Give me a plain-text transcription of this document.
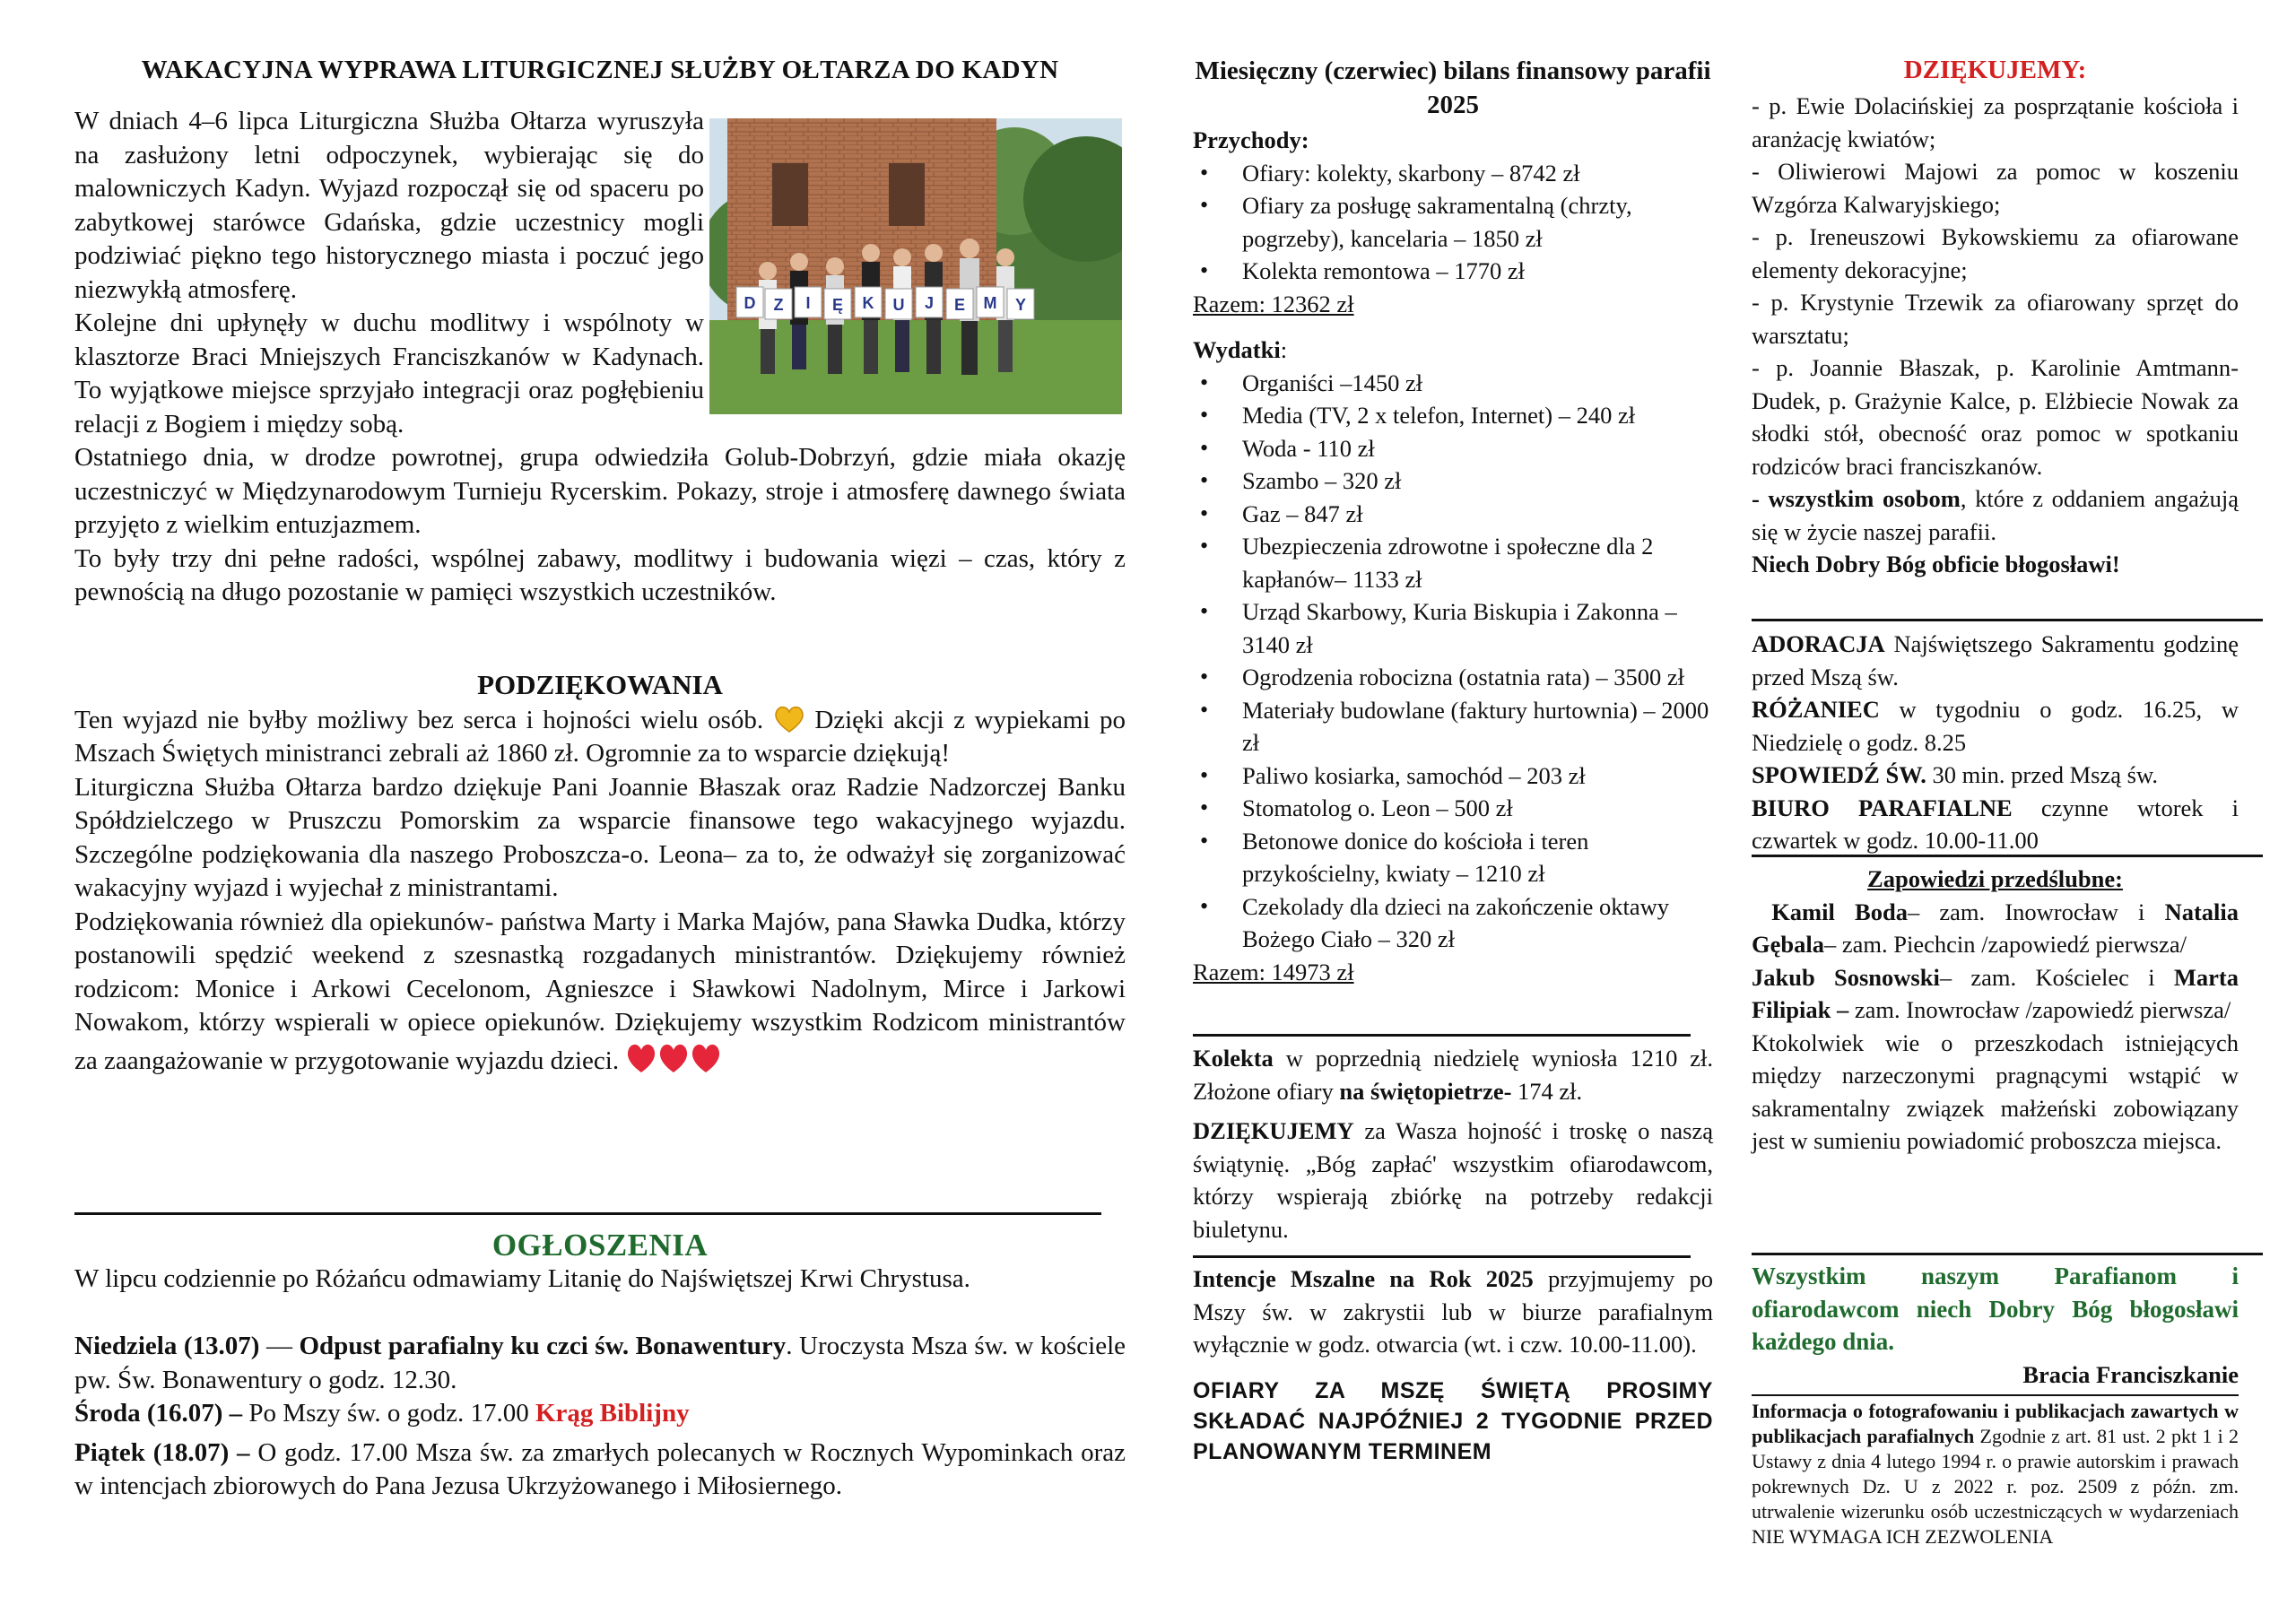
WAKACYJNA WYPRAWA LITURGICZNEJ SŁUŻBY OŁTARZA DO KADYN
D Z I Ę K U J E M Y

W dniach 4–6 lipca Liturgiczna Służba Ołtarza wyruszyła na zasłużony letni odpoczynek, wybierając się do malowniczych Kadyn. Wyjazd rozpoczął się od spaceru po zabytkowej starówce Gdańska, gdzie uczestnicy mogli podziwiać piękno tego historycznego miasta i poczuć jego niezwykłą atmosferę.

Kolejne dni upłynęły w duchu modlitwy i wspólnoty w klasztorze Braci Mniejszych Franciszkanów w Kadynach. To wyjątkowe miejsce sprzyjało integracji oraz pogłębieniu relacji z Bogiem i między sobą.

Ostatniego dnia, w drodze powrotnej, grupa odwiedziła Golub-Dobrzyń, gdzie miała okazję uczestniczyć w Międzynarodowym Turnieju Rycerskim. Pokazy, stroje i atmosferę dawnego świata przyjęto z wielkim entuzjazmem.

To były trzy dni pełne radości, wspólnej zabawy, modlitwy i budowania więzi – czas, który z pewnością na długo pozostanie w pamięci wszystkich uczestników.

PODZIĘKOWANIA

Ten wyjazd nie byłby możliwy bez serca i hojności wielu osób. Dzięki akcji z wypiekami po Mszach Świętych ministranci zebrali aż 1860 zł. Ogromnie za to wsparcie dziękują!

Liturgiczna Służba Ołtarza bardzo dziękuje Pani Joannie Błaszak oraz Radzie Nadzorczej Banku Spółdzielczego w Pruszczu Pomorskim za wsparcie finansowe tego wakacyjnego wyjazdu. Szczególne podziękowania dla naszego Proboszcza-o. Leona– za to, że odważył się zorganizować wakacyjny wyjazd i wyjechał z ministrantami.

Podziękowania również dla opiekunów- państwa Marty i Marka Majów, pana Sławka Dudka, którzy postanowili spędzić weekend z szesnastką rozgadanych ministrantów. Dziękujemy również rodzicom: Monice i Arkowi Cecelonom, Agnieszce i Sławkowi Nadolnym, Mirce i Jarkowi Nowakom, którzy wspierali w opiece opiekunów. Dziękujemy wszystkim Rodzicom ministrantów za zaangażowanie w przygotowanie wyjazdu dzieci.

OGŁOSZENIA

W lipcu codziennie po Różańcu odmawiamy Litanię do Najświętszej Krwi Chrystusa.

Niedziela (13.07) –– Odpust parafialny ku czci św. Bonawentury. Uroczysta Msza św. w kościele pw. Św. Bonawentury o godz. 12.30.

Środa (16.07) – Po Mszy św. o godz. 17.00 Krąg Biblijny

Piątek (18.07) – O godz. 17.00 Msza św. za zmarłych polecanych w Rocznych Wypominkach oraz w intencjach zbiorowych do Pana Jezusa Ukrzyżowanego i Miłosiernego.

Miesięczny (czerwiec) bilans finansowy parafii 2025

Przychody:

• Ofiary: kolekty, skarbony – 8742 zł
• Ofiary za posługę sakramentalną (chrzty, pogrzeby), kancelaria – 1850 zł
• Kolekta remontowa – 1770 zł

Razem: 12362 zł

Wydatki:

• Organiści –1450 zł
• Media (TV, 2 x telefon, Internet) – 240 zł
• Woda - 110 zł
• Szambo – 320 zł
• Gaz – 847 zł
• Ubezpieczenia zdrowotne i społeczne dla 2 kapłanów– 1133 zł
• Urząd Skarbowy, Kuria Biskupia i Zakonna – 3140 zł
• Ogrodzenia robocizna (ostatnia rata) – 3500 zł
• Materiały budowlane (faktury hurtownia) – 2000 zł
• Paliwo kosiarka, samochód – 203 zł
• Stomatolog o. Leon – 500 zł
• Betonowe donice do kościoła i teren przykościelny, kwiaty – 1210 zł
• Czekolady dla dzieci na zakończenie oktawy Bożego Ciało – 320 zł

Razem: 14973 zł

Kolekta w poprzednią niedzielę wyniosła 1210 zł. Złożone ofiary na świętopietrze- 174 zł.

DZIĘKUJEMY za Wasza hojność i troskę o naszą świątynię. „Bóg zapłać' wszystkim ofiarodawcom, którzy wspierają zbiórkę na potrzeby redakcji biuletynu.

Intencje Mszalne na Rok 2025 przyjmujemy po Mszy św. w zakrystii lub w biurze parafialnym wyłącznie w godz. otwarcia (wt. i czw. 10.00-11.00).

OFIARY ZA MSZĘ ŚWIĘTĄ PROSIMY SKŁADAĆ NAJPÓŹNIEJ 2 TYGODNIE PRZED PLANOWANYM TERMINEM

DZIĘKUJEMY:

- p. Ewie Dolacińskiej za posprzątanie kościoła i aranżację kwiatów;

- Oliwierowi Majowi za pomoc w koszeniu Wzgórza Kalwaryjskiego;

- p. Ireneuszowi Bykowskiemu za ofiarowane elementy dekoracyjne;

- p. Krystynie Trzewik za ofiarowany sprzęt do warsztatu;

- p. Joannie Błaszak, p. Karolinie Amtmann-Dudek, p. Grażynie Kalce, p. Elżbiecie Nowak za słodki stół, obecność oraz pomoc w spotkaniu rodziców braci franciszkanów.

- wszystkim osobom, które z oddaniem angażują się w życie naszej parafii.

Niech Dobry Bóg obficie błogosławi!

ADORACJA Najświętszego Sakramentu godzinę przed Mszą św.

RÓŻANIEC w tygodniu o godz. 16.25, w Niedzielę o godz. 8.25

SPOWIEDŹ ŚW. 30 min. przed Mszą św.

BIURO PARAFIALNE czynne wtorek i czwartek w godz. 10.00-11.00

Zapowiedzi przedślubne:

Kamil Boda– zam. Inowrocław i Natalia Gębala– zam. Piechcin /zapowiedź pierwsza/

Jakub Sosnowski– zam. Kościelec i Marta Filipiak – zam. Inowrocław /zapowiedź pierwsza/

Ktokolwiek wie o przeszkodach istniejących między narzeczonymi pragnącymi wstąpić w sakramentalny związek małżeński zobowiązany jest w sumieniu powiadomić proboszcza miejsca.

Wszystkim naszym Parafianom i ofiarodawcom niech Dobry Bóg błogosławi każdego dnia.

Bracia Franciszkanie

Informacja o fotografowaniu i publikacjach zawartych w publikacjach parafialnych Zgodnie z art. 81 ust. 2 pkt 1 i 2 Ustawy z dnia 4 lutego 1994 r. o prawie autorskim i prawach pokrewnych Dz. U z 2022 r. poz. 2509 z późn. zm. utrwalenie wizerunku osób uczestniczących w wydarzeniach NIE WYMAGA ICH ZEZWOLENIA
